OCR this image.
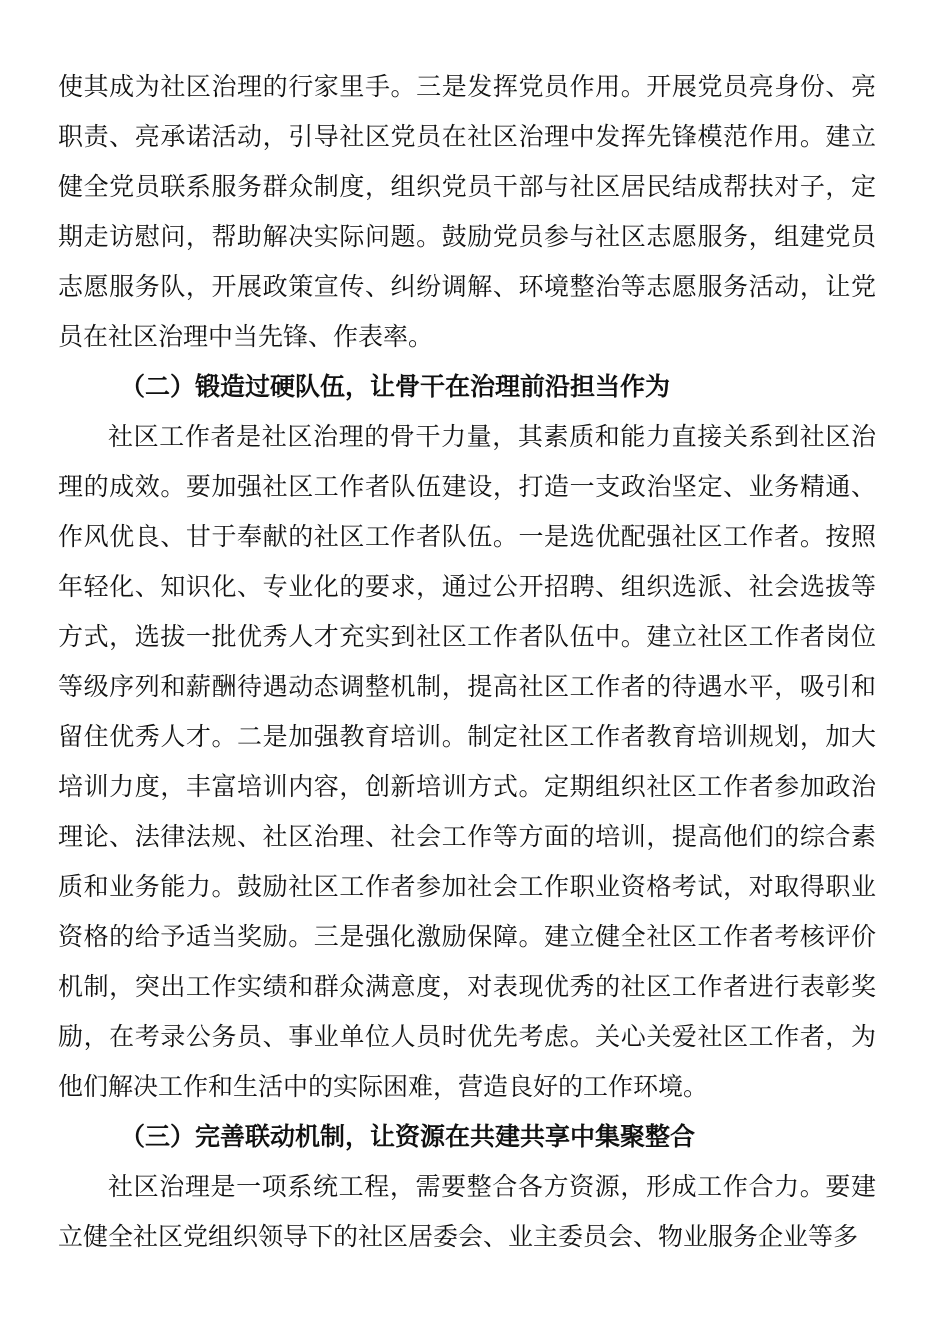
使其成为社区治理的行家里手。三是发挥党员作用。开展党员亮身份、亮职责、亮承诺活动，引导社区党员在社区治理中发挥先锋模范作用。建立健全党员联系服务群众制度，组织党员干部与社区居民结成帮扶对子，定期走访慰问，帮助解决实际问题。鼓励党员参与社区志愿服务，组建党员志愿服务队，开展政策宣传、纠纷调解、环境整治等志愿服务活动，让党员在社区治理中当先锋、作表率。

（二）锻造过硬队伍，让骨干在治理前沿担当作为

社区工作者是社区治理的骨干力量，其素质和能力直接关系到社区治理的成效。要加强社区工作者队伍建设，打造一支政治坚定、业务精通、作风优良、甘于奉献的社区工作者队伍。一是选优配强社区工作者。按照年轻化、知识化、专业化的要求，通过公开招聘、组织选派、社会选拔等方式，选拔一批优秀人才充实到社区工作者队伍中。建立社区工作者岗位等级序列和薪酬待遇动态调整机制，提高社区工作者的待遇水平，吸引和留住优秀人才。二是加强教育培训。制定社区工作者教育培训规划，加大培训力度，丰富培训内容，创新培训方式。定期组织社区工作者参加政治理论、法律法规、社区治理、社会工作等方面的培训，提高他们的综合素质和业务能力。鼓励社区工作者参加社会工作职业资格考试，对取得职业资格的给予适当奖励。三是强化激励保障。建立健全社区工作者考核评价机制，突出工作实绩和群众满意度，对表现优秀的社区工作者进行表彰奖励，在考录公务员、事业单位人员时优先考虑。关心关爱社区工作者，为他们解决工作和生活中的实际困难，营造良好的工作环境。

（三）完善联动机制，让资源在共建共享中集聚整合

社区治理是一项系统工程，需要整合各方资源，形成工作合力。要建立健全社区党组织领导下的社区居委会、业主委员会、物业服务企业等多
